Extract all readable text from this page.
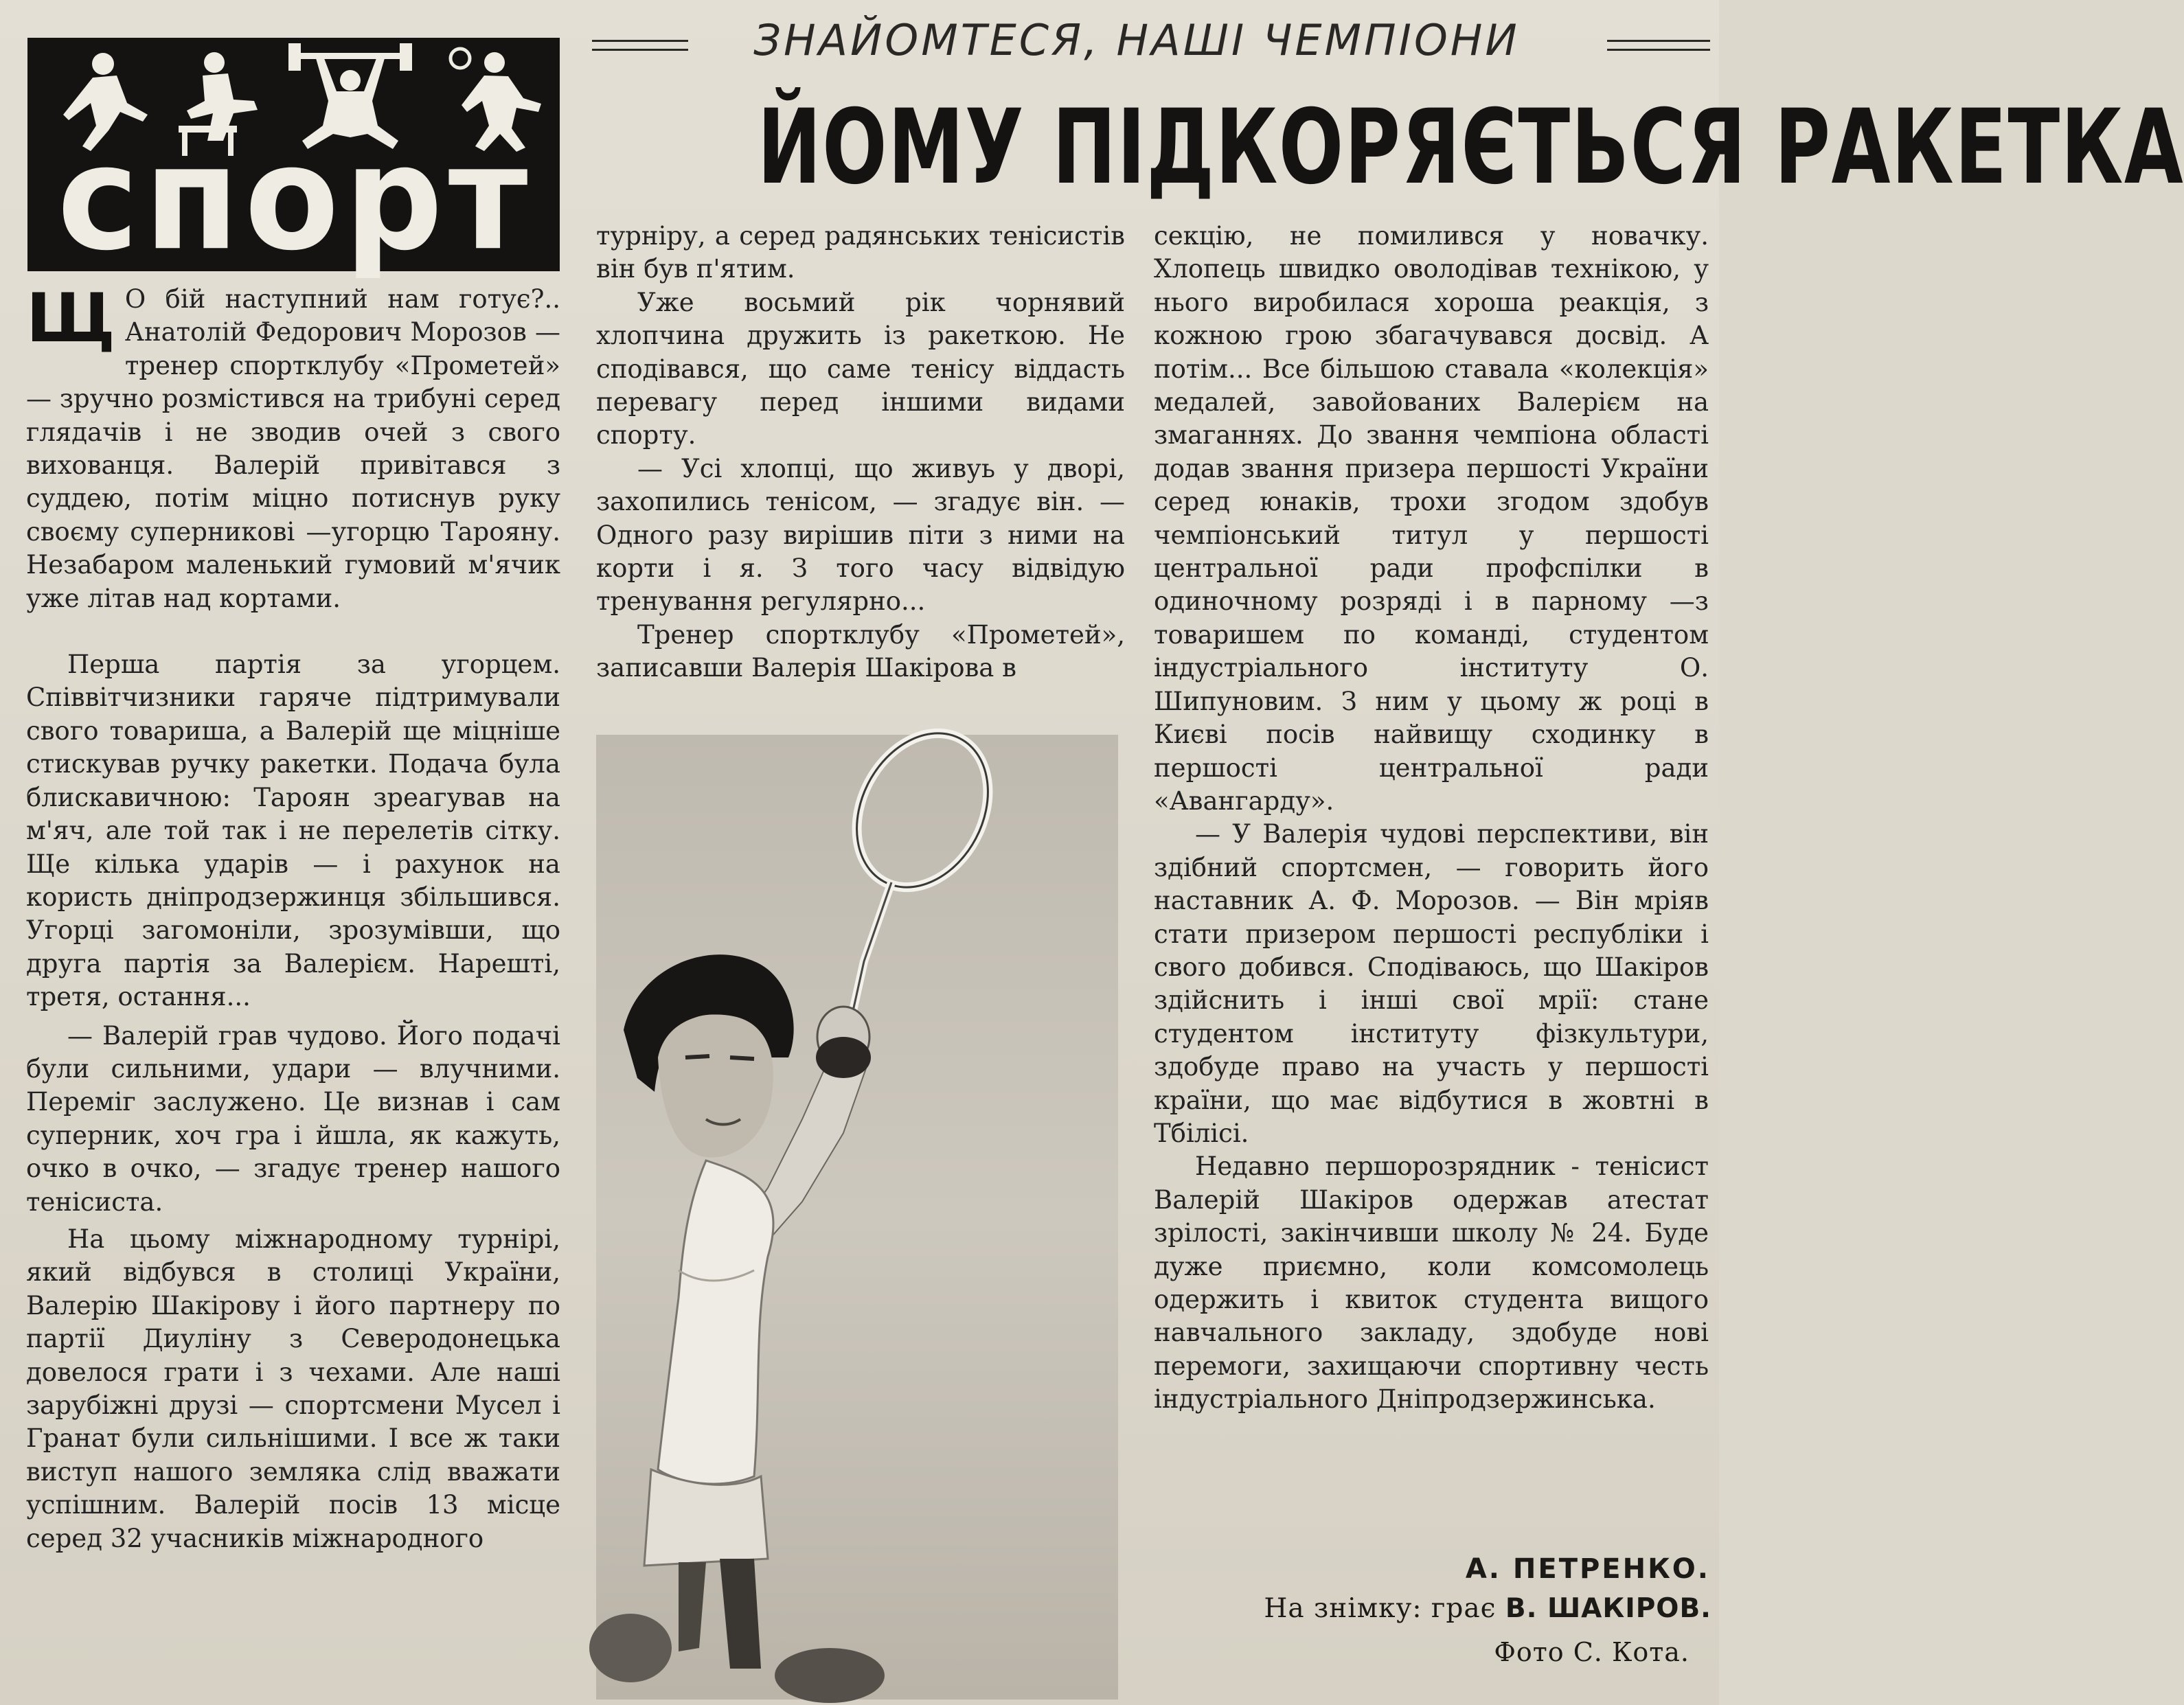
спорт
ЗНАЙОМТЕСЯ, НАШІ ЧЕМПІОНИ
ЙОМУ ПІДКОРЯЄТЬСЯ РАКЕТКА

Щ О бій наступний нам готує?.. Анатолій Федорович Морозов — тренер спортклубу «Прометей» — зручно розмістився на трибуні серед глядачів і не зводив очей з свого вихованця. Валерій привітався з суддею, потім міцно потиснув руку своєму суперникові —угорцю Тарояну. Незабаром маленький гумовий м'ячик уже літав над кортами.

Перша партія за угорцем. Співвітчизники гаряче підтримували свого товариша, а Валерій ще міцніше стискував ручку ракетки. Подача була блискавичною: Тароян зреагував на м'яч, але той так і не перелетів сітку. Ще кілька ударів — і рахунок на користь дніпродзержинця збільшився. Угорці загомоніли, зрозумівши, що друга партія за Валерієм. Нарешті, третя, остання...

— Валерій грав чудово. Його подачі були сильними, удари — влучними. Переміг заслужено. Це визнав і сам суперник, хоч гра і йшла, як кажуть, очко в очко, — згадує тренер нашого тенісиста.

На цьому міжнародному турнірі, який відбувся в столиці України, Валерію Шакірову і його партнеру по партії Диуліну з Северодонецька довелося грати і з чехами. Але наші зарубіжні друзі — спортсмени Мусел і Гранат були сильнішими. І все ж таки виступ нашого земляка слід вважати успішним. Валерій посів 13 місце серед 32 учасників міжнародного

турніру, а серед радянських тенісистів він був п'ятим.

Уже восьмий рік чорнявий хлопчина дружить із ракеткою. Не сподівався, що саме тенісу віддасть перевагу перед іншими видами спорту.

— Усі хлопці, що живуь у дворі, захопились тенісом, — згадує він. — Одного разу вирішив піти з ними на корти і я. З того часу відвідую тренування регулярно...

Тренер спортклубу «Прометей», записавши Валерія Шакірова в

секцію, не помилився у новачку. Хлопець швидко оволодівав технікою, у нього виробилася хороша реакція, з кожною грою збагачувався досвід. А потім... Все більшою ставала «колекція» медалей, завойованих Валерієм на змаганнях. До звання чемпіона області додав звання призера першості України серед юнаків, трохи згодом здобув чемпіонський титул у першості центральної ради профспілки в одиночному розряді і в парному —з товаришем по команді, студентом індустріального інституту О. Шипуновим. З ним у цьому ж році в Києві посів найвищу сходинку в першості центральної ради «Авангарду».

— У Валерія чудові перспективи, він здібний спортсмен, — говорить його наставник А. Ф. Морозов. — Він мріяв стати призером першості республіки і свого добився. Сподіваюсь, що Шакіров здійснить і інші свої мрії: стане студентом інституту фізкультури, здобуде право на участь у першості країни, що має відбутися в жовтні в Тбілісі.

Недавно першорозрядник - тенісист Валерій Шакіров одержав атестат зрілості, закінчивши школу № 24. Буде дуже приємно, коли комсомолець одержить і квиток студента вищого навчального закладу, здобуде нові перемоги, захищаючи спортивну честь індустріального Дніпродзержинська.

А. ПЕТРЕНКО.
На знімку: грає В. ШАКІРОВ.
Фото С. Кота.
